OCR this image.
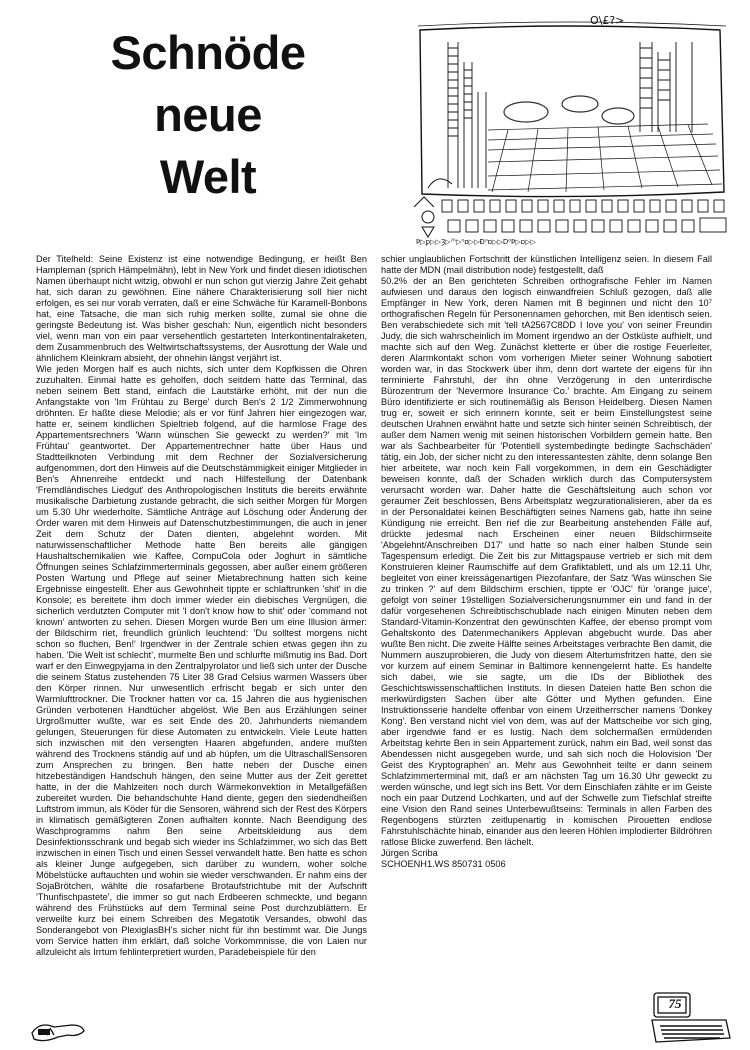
Schnöde
neue
Welt
O\£?>
Þ▷ꝑ▷▷Ȝ▷ˀʰ▷⁰ɒ▷▷Ð⁰ɒ▷▷D⁰Þ▷ɒ▷▷

Der Titelheld: Seine Existenz ist eine notwendige Bedingung, er heißt Ben Hampleman (sprich Hämpelmähn), lebt in New York und findet diesen idiotischen Namen überhaupt nicht witzig, obwohl er nun schon gut vierzig Jahre Zeit gehabt hat, sich daran zu gewöhnen. Eine nähere Charakterisierung soll hier nicht erfolgen, es sei nur vorab verraten, daß er eine Schwäche für Karamell-Bonbons hat, eine Tatsache, die man sich ruhig merken sollte, zumal sie ohne die geringste Bedeutung ist. Was bisher geschah: Nun, eigentlich nicht besonders viel, wenn man von ein paar versehentlich gestarteten Interkontinentalraketen, dem Zusammenbruch des Weltwirtschaftssystems, der Ausrottung der Wale und ähnlichem Kleinkram absieht, der ohnehin längst verjährt ist.

Wie jeden Morgen half es auch nichts, sich unter dem Kopfkissen die Ohren zuzuhalten. Einmal hatte es geholfen, doch seitdem hatte das Terminal, das neben seinem Bett stand, einfach die Lautstärke erhöht, mit der nun die Anfangstakte von 'Im Frühtau zu Berge' durch Ben's 2 1/2 Zimmerwohnung dröhnten. Er haßte diese Melodie; als er vor fünf Jahren hier eingezogen war, hatte er, seinem kindlichen Spieltrieb folgend, auf die harmlose Frage des Appartementsrechners 'Wann wünschen Sie geweckt zu werden?' mit 'Im Frühtau' geantwortet. Der Appartementrechner hatte über Haus und Stadtteilknoten Verbindung mit dem Rechner der Sozialversicherung aufgenommen, dort den Hinweis auf die Deutschstämmigkeit einiger Mitglieder in Ben's Ahnenreihe entdeckt und nach Hilfestellung der Datenbank 'Fremdländisches Liedgut' des Anthropologischen Instituts die bereits erwähnte musikalische Darbietung zustande gebracht, die sich seither Morgen für Morgen um 5.30 Uhr wiederholte. Sämtliche Anträge auf Löschung oder Änderung der Order waren mit dem Hinweis auf Datenschutzbestimmungen, die auch in jener Zeit dem Schutz der Daten dienten, abgelehnt worden. Mit naturwissenschaftlicher Methode hatte Ben bereits alle gängigen Haushaltschemikalien wie Kaffee, CompuCola oder Joghurt in sämtliche Öffnungen seines Schlafzimmerterminals gegossen, aber außer einem größeren Posten Wartung und Pflege auf seiner Mietabrechnung hatten sich keine Ergebnisse eingestellt. Eher aus Gewohnheit tippte er schlaftrunken 'shit' in die Konsole; es bereitete ihm doch immer wieder ein diebisches Vergnügen, die sicherlich verdutzten Computer mit 'I don't know how to shit' oder 'command not known' antworten zu sehen. Diesen Morgen wurde Ben um eine Illusion ärmer: der Bildschirm riet, freundlich grünlich leuchtend: 'Du solltest morgens nicht schon so fluchen, Ben!' Irgendwer in der Zentrale schien etwas gegen ihn zu haben. 'Die Welt ist schlecht', murmelte Ben und schlurfte mißmutig ins Bad. Dort warf er den Einwegpyjama in den Zentralpyrolator und ließ sich unter der Dusche die seinem Status zustehenden 75 Liter 38 Grad Celsius warmen Wassers über den Körper rinnen. Nur unwesentlich erfrischt begab er sich unter den Warmlufttrockner. Die Trockner hatten vor ca. 15 Jahren die aus hygienischen Gründen verbotenen Handtücher abgelöst. Wie Ben aus Erzählungen seiner Urgroßmutter wußte, war es seit Ende des 20. Jahrhunderts niemandem gelungen, Steuerungen für diese Automaten zu entwickeln. Viele Leute hatten sich inzwischen mit den versengten Haaren abgefunden, andere mußten während des Trocknens ständig auf und ab hüpfen, um die UltraschallSensoren zum Ansprechen zu bringen. Ben hatte neben der Dusche einen hitzebeständigen Handschuh hängen, den seine Mutter aus der Zeit gerettet hatte, in der die Mahlzeiten noch durch Wärmekonvektion in Metallgefäßen zubereitet wurden. Die behandschuhte Hand diente, gegen den siedendheißen Luftstrom immun, als Köder für die Sensoren, während sich der Rest des Körpers in klimatisch gemäßigteren Zonen aufhalten konnte. Nach Beendigung des Waschprogramms nahm Ben seine Arbeitskleidung aus dem Desinfektionsschrank und begab sich wieder ins Schlafzimmer, wo sich das Bett inzwischen in einen Tisch und einen Sessel verwandelt hatte. Ben hatte es schon als kleiner Junge aufgegeben, sich darüber zu wundern, woher solche Möbelstücke auftauchten und wohin sie wieder verschwanden. Er nahm eins der SojaBrötchen, wählte die rosafarbene Brotaufstrichtube mit der Aufschrift 'Thunfischpastete', die immer so gut nach Erdbeeren schmeckte, und begann während des Frühstücks auf dem Terminal seine Post durchzublättern. Er verweilte kurz bei einem Schreiben des Megatotik Versandes, obwohl das Sonderangebot von PlexiglasBH's sicher nicht für ihn bestimmt war. Die Jungs vom Service hatten ihm erklärt, daß solche Vorkommnisse, die von Laien nur allzuleicht als Irrtum fehlinterpretiert wurden, Paradebeispiele für den

schier unglaublichen Fortschritt der künstlichen Intelligenz seien. In diesem Fall hatte der MDN (mail distribution node) festgestellt, daß

50.2% der an Ben gerichteten Schreiben orthografische Fehler im Namen aufwiesen und daraus den logisch einwandfreien Schluß gezogen, daß alle Empfänger in New York, deren Namen mit B beginnen und nicht den 10⁷ orthografischen Regeln für Personennamen gehorchen, mit Ben identisch seien. Ben verabschiedete sich mit 'tell tA2567C8DD I love you' von seiner Freundin Judy, die sich wahrscheinlich im Moment irgendwo an der Ostküste aufhielt, und machte sich auf den Weg. Zunächst kletterte er über die rostige Feuerleiter, deren Alarmkontakt schon vom vorherigen Mieter seiner Wohnung sabotiert worden war, in das Stockwerk über ihm, denn dort wartete der eigens für ihn terminierte Fahrstuhl, der ihn ohne Verzögerung in den unterirdische Bürozentrum der 'Nevermore Insurance Co.' brachte. Am Eingang zu seinem Büro identifizierte er sich routinemäßig als Benson Heidelberg. Diesen Namen trug er, soweit er sich erinnern konnte, seit er beim Einstellungstest seine deutschen Urahnen erwähnt hatte und setzte sich hinter seinen Schreibtisch, der außer dem Namen wenig mit seinen historischen Vorbildern gemein hatte. Ben war als Sachbearbeiter für 'Potentiell systembedingte bedingte Sachschäden' tätig, ein Job, der sicher nicht zu den interessantesten zählte, denn solange Ben hier arbeitete, war noch kein Fall vorgekommen, in dem ein Geschädigter beweisen konnte, daß der Schaden wirklich durch das Computersystem verursacht worden war. Daher hatte die Geschäftsleitung auch schon vor geraumer Zeit beschlossen, Bens Arbeitsplatz wegzurationalisieren, aber da es in der Personaldatei keinen Beschäftigten seines Namens gab, hatte ihn seine Kündigung nie erreicht. Ben rief die zur Bearbeitung anstehenden Fälle auf, drückte jedesmal nach Erscheinen einer neuen Bildschirmseite 'Abgelehnt/Anschreiben D17' und hatte so nach einer halben Stunde sein Tagespensum erledigt. Die Zeit bis zur Mittagspause vertrieb er sich mit dem Konstruieren kleiner Raumschiffe auf dem Grafiktablett, und als um 12.11 Uhr, begleitet von einer kreissägenartigen Piezofanfare, der Satz 'Was wünschen Sie zu trinken ?' auf dem Bildschirm erschien, tippte er 'OJC' für 'orange juice', gefolgt von seiner 19stelligen Sozialversicherungsnummer ein und fand in der dafür vorgesehenen Schreibtischschublade nach einigen Minuten neben dem Standard-Vitamin-Konzentrat den gewünschten Kaffee, der ebenso prompt vom Gehaltskonto des Datenmechanikers Applevan abgebucht wurde. Das aber wußte Ben nicht. Die zweite Hälfte seines Arbeitstages verbrachte Ben damit, die Nummern auszuprobieren, die Judy von diesem Altertumsfritzen hatte, den sie vor kurzem auf einem Seminar in Baltimore kennengelernt hatte. Es handelte sich dabei, wie sie sagte, um die IDs der Bibliothek des Geschichtswissenschaftlichen Instituts. In diesen Dateien hatte Ben schon die merkwürdigsten Sachen über alte Götter und Mythen gefunden. Eine Instruktionsserie handelte offenbar von einem Urzeitherrscher namens 'Donkey Kong'. Ben verstand nicht viel von dem, was auf der Mattscheibe vor sich ging, aber irgendwie fand er es lustig. Nach dem solchermaßen ermüdenden Arbeitstag kehrte Ben in sein Appartement zurück, nahm ein Bad, weil sonst das Abendessen nicht ausgegeben wurde, und sah sich noch die Holovision 'Der Geist des Kryptographen' an. Mehr aus Gewohnheit teilte er dann seinem Schlafzimmerterminal mit, daß er am nächsten Tag um 16.30 Uhr geweckt zu werden wünsche, und legt sich ins Bett. Vor dem Einschlafen zählte er im Geiste noch ein paar Dutzend Lochkarten, und auf der Schwelle zum Tiefschlaf streifte eine Vision den Rand seines Unterbewußtseins: Terminals in allen Farben des Regenbogens stürzten zeitlupenartig in komischen Pirouetten endlose Fahrstuhlschächte hinab, einander aus den leeren Höhlen implodierter Bildröhren ratlose Blicke zuwerfend. Ben lächelt.

Jürgen Scriba

SCHOENH1.WS 850731 0506

75
